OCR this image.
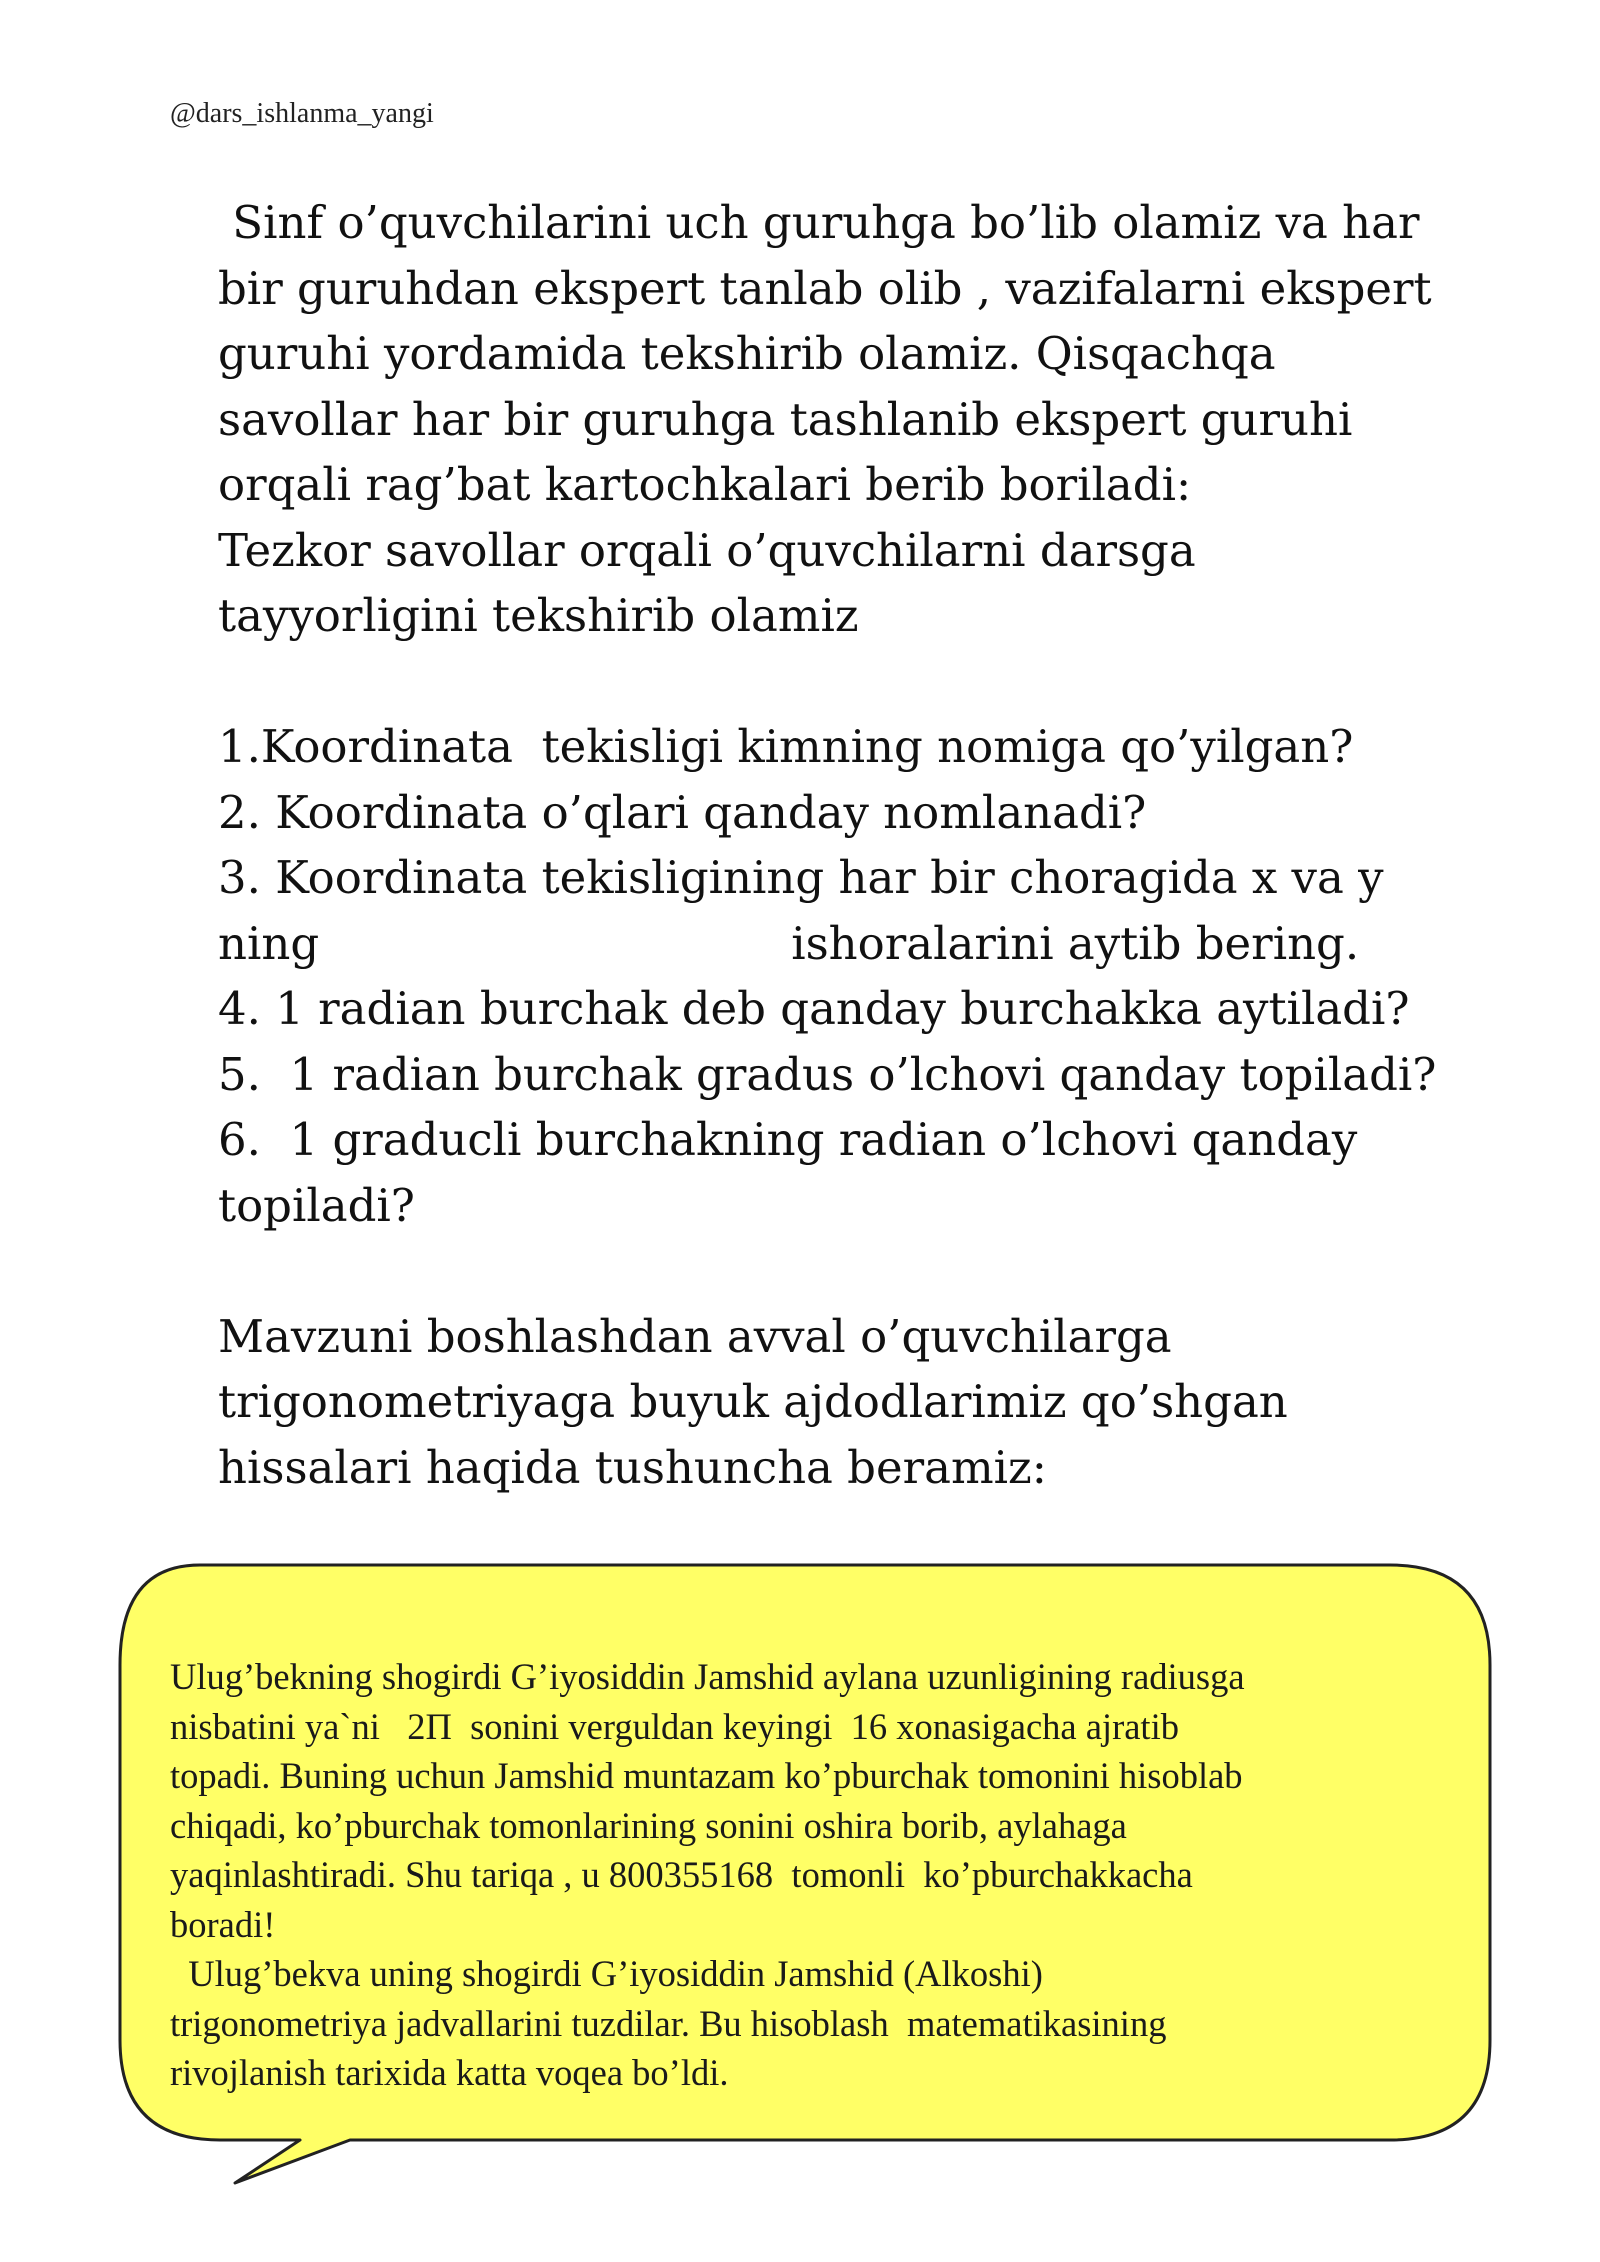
@dars_ishlanma_yangi

Sinf o’quvchilarini uch guruhga bo’lib olamiz va har

bir guruhdan ekspert tanlab olib , vazifalarni ekspert

guruhi yordamida tekshirib olamiz. Qisqachqa

savollar har bir guruhga tashlanib ekspert guruhi

orqali rag’bat kartochkalari berib boriladi:

Tezkor savollar orqali o’quvchilarni darsga

tayyorligini tekshirib olamiz

1.Koordinata  tekisligi kimning nomiga qo’yilgan?

2. Koordinata o’qlari qanday nomlanadi?

3. Koordinata tekisligining har bir choragida x va y

ning                                 ishoralarini aytib bering.

4. 1 radian burchak deb qanday burchakka aytiladi?

5.  1 radian burchak gradus o’lchovi qanday topiladi?

6.  1 graducli burchakning radian o’lchovi qanday

topiladi?

Mavzuni boshlashdan avval o’quvchilarga

trigonometriyaga buyuk ajdodlarimiz qo’shgan

hissalari haqida tushuncha beramiz:

Ulug’bekning shogirdi G’iyosiddin Jamshid aylana uzunligining radiusga

nisbatini ya`ni   2П  sonini verguldan keyingi  16 xonasigacha ajratib

topadi. Buning uchun Jamshid muntazam ko’pburchak tomonini hisoblab

chiqadi, ko’pburchak tomonlarining sonini oshira borib, aylahaga

yaqinlashtiradi. Shu tariqa , u 800355168  tomonli  ko’pburchakkacha

boradi!

Ulug’bekva uning shogirdi G’iyosiddin Jamshid (Alkoshi)

trigonometriya jadvallarini tuzdilar. Bu hisoblash  matematikasining

rivojlanish tarixida katta voqea bo’ldi.
